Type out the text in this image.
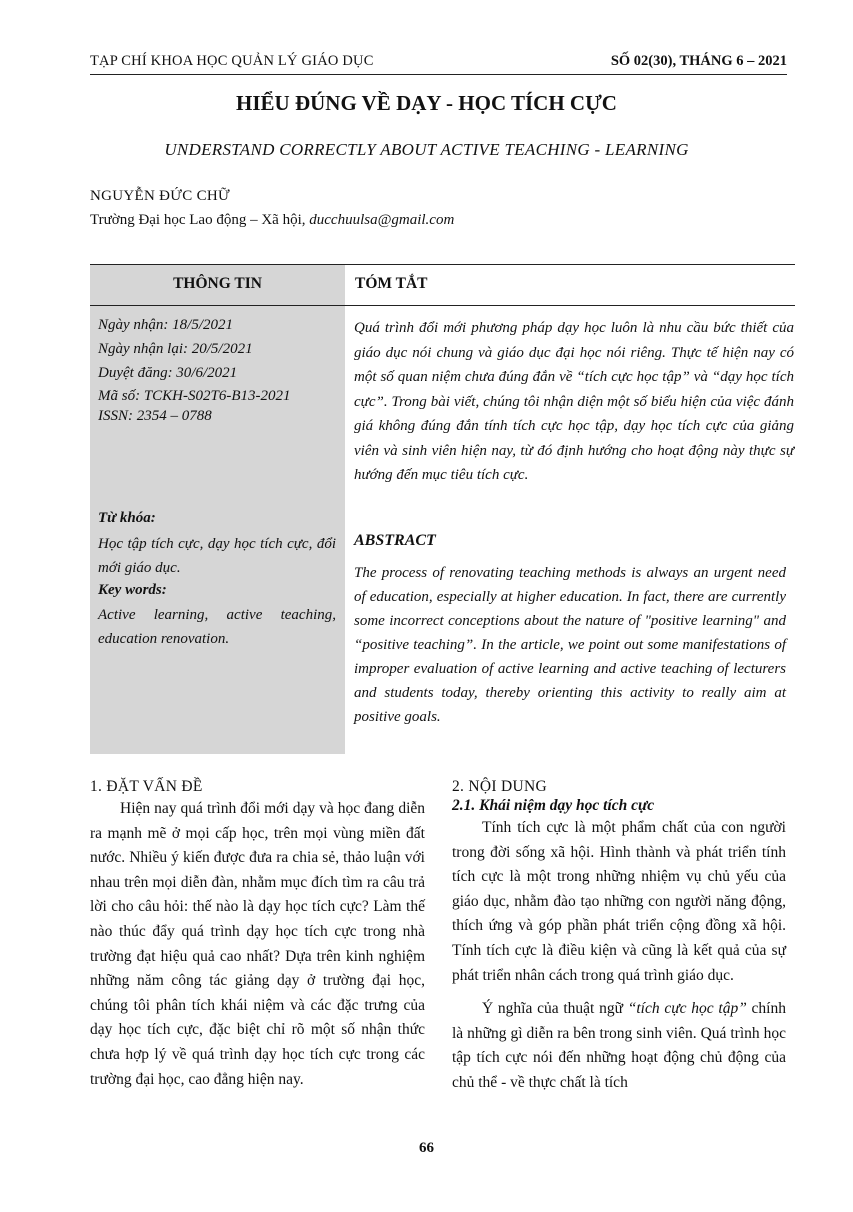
TẠP CHÍ KHOA HỌC QUẢN LÝ GIÁO DỤC	SỐ 02(30), THÁNG 6 – 2021
HIỂU ĐÚNG VỀ DẠY - HỌC TÍCH CỰC
UNDERSTAND CORRECTLY ABOUT ACTIVE TEACHING - LEARNING
NGUYỄN ĐỨC CHỮ
Trường Đại học Lao động – Xã hội, ducchuulsa@gmail.com
THÔNG TIN	TÓM TẮT
Ngày nhận: 18/5/2021
Ngày nhận lại: 20/5/2021
Duyệt đăng: 30/6/2021
Mã số: TCKH-S02T6-B13-2021
ISSN: 2354 – 0788
Từ khóa:
Học tập tích cực, dạy học tích cực, đổi mới giáo dục.
Key words:
Active learning, active teaching, education renovation.
Quá trình đổi mới phương pháp dạy học luôn là nhu cầu bức thiết của giáo dục nói chung và giáo dục đại học nói riêng. Thực tế hiện nay có một số quan niệm chưa đúng đắn về “tích cực học tập” và “dạy học tích cực”. Trong bài viết, chúng tôi nhận diện một số biểu hiện của việc đánh giá không đúng đắn tính tích cực học tập, dạy học tích cực của giảng viên và sinh viên hiện nay, từ đó định hướng cho hoạt động này thực sự hướng đến mục tiêu tích cực.
ABSTRACT
The process of renovating teaching methods is always an urgent need of education, especially at higher education. In fact, there are currently some incorrect conceptions about the nature of "positive learning" and “positive teaching”. In the article, we point out some manifestations of improper evaluation of active learning and active teaching of lecturers and students today, thereby orienting this activity to really aim at positive goals.
1. ĐẶT VẤN ĐỀ

Hiện nay quá trình đổi mới dạy và học đang diễn ra mạnh mẽ ở mọi cấp học, trên mọi vùng miền đất nước. Nhiều ý kiến được đưa ra chia sẻ, thảo luận với nhau trên mọi diễn đàn, nhằm mục đích tìm ra câu trả lời cho câu hỏi: thế nào là dạy học tích cực? Làm thế nào thúc đẩy quá trình dạy học tích cực trong nhà trường đạt hiệu quả cao nhất? Dựa trên kinh nghiệm những năm công tác giảng dạy ở trường đại học, chúng tôi phân tích khái niệm và các đặc trưng của dạy học tích cực, đặc biệt chỉ rõ một số nhận thức chưa hợp lý về quá trình dạy học tích cực trong các trường đại học, cao đẳng hiện nay.

2. NỘI DUNG
2.1. Khái niệm dạy học tích cực

Tính tích cực là một phẩm chất của con người trong đời sống xã hội. Hình thành và phát triển tính tích cực là một trong những nhiệm vụ chủ yếu của giáo dục, nhằm đào tạo những con người năng động, thích ứng và góp phần phát triển cộng đồng xã hội. Tính tích cực là điều kiện và cũng là kết quả của sự phát triển nhân cách trong quá trình giáo dục.

Ý nghĩa của thuật ngữ “tích cực học tập” chính là những gì diễn ra bên trong sinh viên. Quá trình học tập tích cực nói đến những hoạt động chủ động của chủ thể - về thực chất là tích

66
